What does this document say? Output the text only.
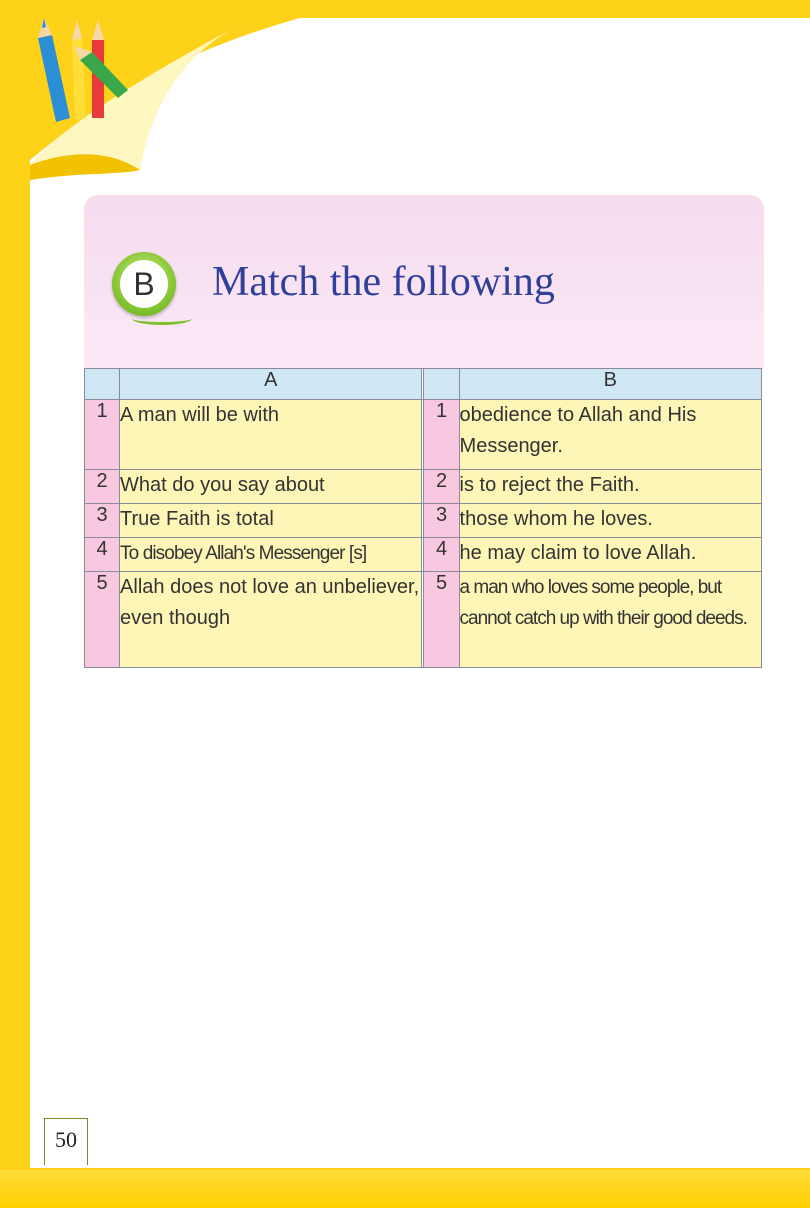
B	Match the following
	A			B
1	A man will be with		1	obedience to Allah and His Messenger.
2	What do you say about		2	is to reject the Faith.
3	True Faith is total		3	those whom he loves.
4	To disobey Allah's Messenger [s]		4	he may claim to love Allah.
5	Allah does not love an unbeliever, even though		5	a man who loves some people, but cannot catch up with their good deeds.
50
